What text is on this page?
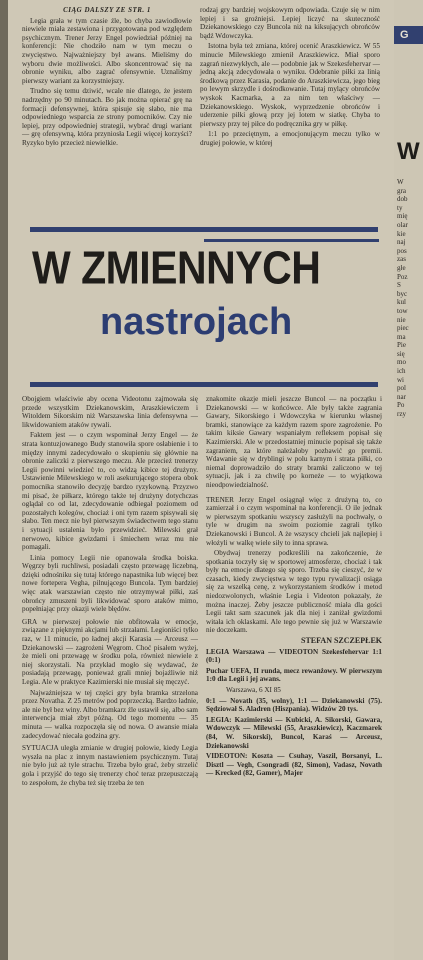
CIĄG DALSZY ZE STR. 1

Legia grała w tym czasie źle, bo chyba zawiodłowie niewiele miała zestawiona i przygotowana pod względem psychicznym. Trener Jerzy Engel powiedział później na konferencji: Nie chodziło nam w tym meczu o zwycięstwo. Najważniejszy był awans. Mieliśmy do wyboru dwie możliwości. Albo skoncentrować się na obronie wyniku, albo zagrać ofensywnie. Uznaliśmy pierwszy wariant za korzystniejszy.

Trudno się temu dziwić, wcale nie dlatego, że jestem nadrzędny po 90 minutach. Bo jak można opierać grę na formacji defensywnej, która spisuje się słabo, nie ma odpowiedniego wsparcia ze strony pomocników. Czy nie lepiej, przy odpowiedniej strategii, wybrać drugi wariant — grę ofensywną, która przyniosła Legii więcej korzyści? Ryzyko było przecież niewielkie.

rodzaj gry bardziej wojskowym odpowiada. Czuje się w nim lepiej i sa groźniejsi. Lepiej liczyć na skuteczność Dziekanowskiego czy Buncola niż na kiksujących obrońców bądź Wdowczyka.

Istotna była też zmiana, której ocenić Araszkiewicz. W 55 minucie Milewskiego zmienił Araszkiewicz. Miał sporo zagrań niezwykłych, ale — podobnie jak w Szekesfehervar — jedną akcją zdecydowała o wyniku. Odebranie piłki za linią środkową przez Karasia, podanie do Araszkiewicza, jego bieg po lewym skrzydle i dośrodkowanie. Tutaj mylący obrońców wyskok Kacmarka, a za nim ten właściwy — Dziekanowskiego. Wyskok, wyprzedzenie obrońców i uderzenie piłki głową przy jej lotem w siatkę. Chyba to pierwszy przy tej piłce do podręcznika gry w piłkę.

1:1 po przeciętnym, a emocjonującym meczu tylko w drugiej połowie, w której

W ZMIENNYCH
nastrojach

Obojgiem właściwie aby ocena Videotonu zajmowała się przede wszystkim Dziekanowskim, Araszkiewiczem i Witoldem Sikorskim niż Warszawska linia defensywna — likwidowaniem ataków rywali.

Faktem jest — o czym wspominał Jerzy Engel — że strata kontuzjowanego Budy stanowiła spore osłabienie i to między innymi zadecydowało o skupieniu się głównie na obronie zaliczki z pierwszego meczu. Ale przecież trenerzy Legii powinni wiedzieć to, co widzą kibice tej drużyny. Ustawienie Milewskiego w roli asekurującego stopera obok pomocnika stanowiło decyzję bardzo ryzykowną. Przyzwo mi pisać, że piłkarz, którego także tej drużyny dotychczas oglądał co od lat, zdecydowanie odbiegał poziomem od pozostałych kolegów, chociaż i oni tym razem spisywali się słabo. Ten mecz nie był pierwszym świadectwem tego stanu i sytuacji ustalenia było przewidzieć. Milewski grał nerwowo, kibice gwizdami i śmiechem wraz mu nie pomagali.

Linia pomocy Legii nie opanowała środka boiska. Węgrzy byli ruchliwsi, posiadali często przewagę liczebną, dzięki odnośniku się tutaj którego napastnika lub więcej bez nowe fortepera Vegha, pilnującego Buncola. Tym bardziej więc atak warszawian często nie otrzymywał piłki, zaś obrońcy zmuszeni byli likwidować sporo ataków mimo, popełniając przy okazji wiele błędów.

GRA w pierwszej połowie nie obfitowała w emocje, związane z pięknymi akcjami lub strzałami. Legioniści tylko raz, w 11 minucie, po ładnej akcji Karasia — Arceusz — Dziekanowski — zagrożeni Węgrom. Choć pisałem wyżej, że mieli oni przewagę w środku pola, również niewiele z niej skorzystali. Na przykład mogło się wydawać, że posiadają przewagę, ponieważ grali mniej bojaźliwie niż Legia. Ale w praktyce Kazimierski nie musiał się męczyć.

Najważniejsza w tej części gry była bramka strzelona przez Novatha. Z 25 metrów pod poprzeczką. Bardzo ładnie, ale nie był bez winy. Albo bramkarz źle ustawił się, albo sam interwencja miał zbyt późną. Od tego momentu — 35 minuta — walka rozpoczęła się od nowa. O awansie miała zadecydować niecała godzina gry.

SYTUACJA uległa zmianie w drugiej połowie, kiedy Legia wyszła na plac z innym nastawieniem psychicznym. Tutaj nie było już aż tyle strachu. Trzeba było grać, żeby strzelić gola i przyjść do tego się trenerzy choć teraz przepuszczają to zespołom, że chyba też się trzeba że ten

znakomite okazje mieli jeszcze Buncol — na początku i Dziekanowski — w końcówce. Ale były także zagrania Gawary, Sikorskiego i Wdowczyka w kierunku własnej bramki, stanowiące za każdym razem spore zagrożenie. Po takim kiksie Gawary wspaniałym refleksem popisał się Kazimierski. Ale w przedostatniej minucie popisał się także zagraniem, za które należałoby pozbawić go premii. Wdawanie się w dryblingi w polu karnym i strata piłki, co niemal doprowadziło do straty bramki zaliczono w tej sytuacji, jak i za chwilę po korneże — to wyjątkowa nieodpowiedzialność.

TRENER Jerzy Engel osiągnął więc z drużyną to, co zamierzał i o czym wspominał na konferencji. O ile jednak w pierwszym spotkaniu wszyscy zasłużyli na pochwały, o tyle w drugim na swoim poziomie zagrali tylko Dziekanowski i Buncol. A że wszyscy chcieli jak najlepiej i włożyli w walkę wiele siły to inna sprawa.

Obydwaj trenerzy podkreślili na zakończenie, że spotkania toczyły się w sportowej atmosferze, chociaż i tak były na emocje dlatego się sporo. Trzeba się cieszyć, że w czasach, kiedy zwycięstwa w tego typu rywalizacji osiąga się za wszelką cenę, z wykorzystaniem środków i metod niedozwolonych, właśnie Legia i Videoton pokazały, że można inaczej. Żeby jeszcze publiczność miała dla gości Legii takt sam szacunek jak dla niej i zaniżał gwizdomi witała ich oklaskami. Ale tego pewnie się już w Warszawie nie doczekam.

STEFAN SZCZEPŁEK

LEGIA Warszawa — VIDEOTON Szekesfehervar 1:1 (0:1)

Puchar UEFA, II runda, mecz rewanżowy. W pierwszym 1:0 dla Legii i jej awans.

Warszawa, 6 XI 85

0:1 — Novath (35, wolny), 1:1 — Dziekanowski (75). Sędziował S. Aladren (Hiszpania). Widzów 20 tys.

LEGIA: Kazimierski — Kubicki, A. Sikorski, Gawara, Wdowczyk — Milewski (55, Araszkiewicz), Kaczmarek (84, W. Sikorski), Buncol, Karaś — Arceusz, Dziekanowski

VIDEOTON: Koszta — Csuhay, Vaszil, Borsanyi, L. Disztl — Vegh, Csongradi (82, Simon), Vadasz, Novath — Krecked (82, Gamer), Majer

G
W
W
gra
dob
ty
mię
olar
kie
naj
pos
zas
głe
Poz
S
byc
kul
tow
nie
piec
ma
Pie
się
mo
ich
wi
pol
nar
Po
rzy
